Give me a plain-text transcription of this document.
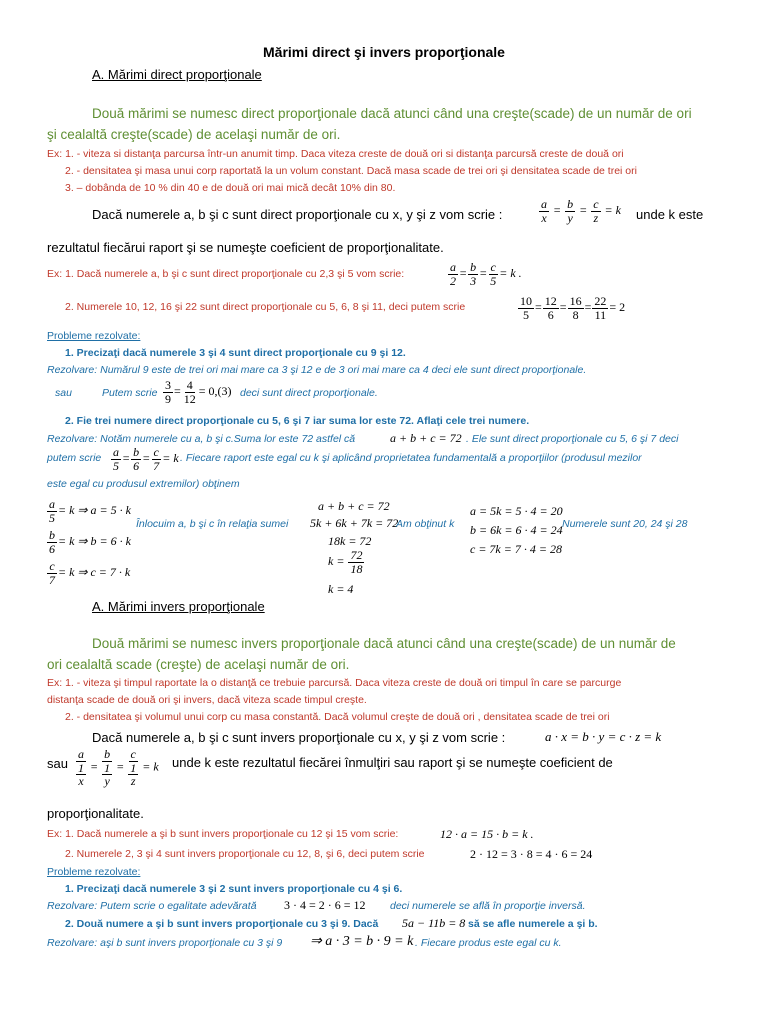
Mărimi direct şi invers proporţionale
A. Mărimi direct proporţionale
Două mărimi se numesc direct proporţionale dacă atunci când una creşte(scade) de un număr de ori
şi cealaltă creşte(scade) de acelaşi număr de ori.
Ex: 1. - viteza si distanţa parcursa într-un anumit timp. Daca viteza creste de două ori si distanţa parcursă creste de două ori
2. - densitatea şi masa unui corp raportată la un volum constant. Dacă masa scade de trei ori şi densitatea scade de trei ori
3. – dobânda de 10 % din 40 e de două ori mai mică decât 10% din 80.
Dacă numerele a, b şi c sunt direct proporţionale cu x, y şi z vom scrie :	$\frac{a}{x} = \frac{b}{y} = \frac{c}{z} = k$ unde k este
rezultatul fiecărui raport şi se numeşte coeficient de proporţionalitate.
Ex: 1. Dacă numerele a, b şi c sunt direct proporţionale cu 2,3 şi 5 vom scrie:	$\frac{a}{2} = \frac{b}{3} = \frac{c}{5} = k$ .
2. Numerele 10, 12, 16 şi 22 sunt direct proporţionale cu 5, 6, 8 şi 11, deci putem scrie	$\frac{10}{5} = \frac{12}{6} = \frac{16}{8} = \frac{22}{11} = 2$
Probleme rezolvate:
1. Precizaţi dacă numerele 3 şi 4 sunt direct proporţionale cu 9 şi 12.
Rezolvare: Numărul 9 este de trei ori mai mare ca 3 şi 12 e de 3 ori mai mare ca 4 deci ele sunt direct proporţionale.
sau	Putem scrie $\frac{3}{9} = \frac{4}{12} = 0,(3)$ deci sunt direct proporţionale.
2. Fie trei numere direct proporţionale cu 5, 6 şi 7 iar suma lor este 72. Aflaţi cele trei numere.
Rezolvare: Notăm numerele cu a, b şi c.Suma lor este 72 astfel că	a + b + c = 72 . Ele sunt direct proporţionale cu 5, 6 şi 7 deci
putem scrie $\frac{a}{5} = \frac{b}{6} = \frac{c}{7} = k$ . Fiecare raport este egal cu k şi aplicând proprietatea fundamentală a proporţiilor (produsul mezilor
este egal cu produsul extremilor) obţinem
$\frac{a}{5} = k$ ⇒ a = 5 · k
$\frac{b}{6} = k$ ⇒ b = 6 · k
$\frac{c}{7} = k$ ⇒ c = 7 · k
Înlocuim a, b şi c în relaţia sumei
a + b + c = 72
5k + 6k + 7k = 72
18k = 72
$k = \frac{72}{18}$
k = 4
Am obţinut k
a = 5k = 5 · 4 = 20
b = 6k = 6 · 4 = 24
c = 7k = 7 · 4 = 28
Numerele sunt 20, 24 şi 28
A. Mărimi invers proporţionale
Două mărimi se numesc invers proporţionale dacă atunci când una creşte(scade) de un număr de
ori cealaltă scade (creşte) de acelaşi număr de ori.
Ex: 1. - viteza şi timpul raportate la o distanţă ce trebuie parcursă. Daca viteza creste de două ori timpul în care se parcurge
distanţa scade de două ori şi invers, dacă viteza scade timpul creşte.
2. - densitatea şi volumul unui corp cu masa constantă. Dacă volumul creşte de două ori , densitatea scade de trei ori
Dacă numerele a, b şi c sunt invers proporţionale cu x, y şi z vom scrie :	a · x = b · y = c · z = k
sau $\frac{a}{\frac{1}{x}} = \frac{b}{\frac{1}{y}} = \frac{c}{\frac{1}{z}} = k$ unde k este rezultatul fiecărei înmulţiri sau raport şi se numeşte coeficient de
proporţionalitate.
Ex: 1. Dacă numerele a şi b sunt invers proporţionale cu 12 şi 15 vom scrie:	12 · a = 15 · b = k .
2. Numerele 2, 3 şi 4 sunt invers proporţionale cu 12, 8, şi 6, deci putem scrie	2 · 12 = 3 · 8 = 4 · 6 = 24
Probleme rezolvate:
1. Precizaţi dacă numerele 3 şi 2 sunt invers proporţionale cu 4 şi 6.
Rezolvare: Putem scrie o egalitate adevărată 3 · 4 = 2 · 6 = 12 deci numerele se află în proporţie inversă.
2. Două numere a şi b sunt invers proporţionale cu 3 şi 9. Dacă 5a − 11b = 8 să se afle numerele a şi b.
Rezolvare: aşi b sunt invers proporţionale cu 3 şi 9 ⇒ a · 3 = b · 9 = k . Fiecare produs este egal cu k.
